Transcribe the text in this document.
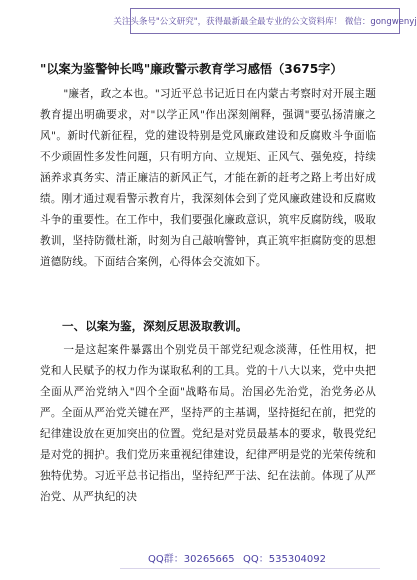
关注头条号"公文研究"，获得最新最全最专业的公文资料库！ 微信：gongwenyj
"以案为鉴警钟长鸣"廉政警示教育学习感悟（3675字）
"廉者，政之本也。"习近平总书记近日在内蒙古考察时对开展主题教育提出明确要求，对"以学正风"作出深刻阐释，强调"要弘扬清廉之风"。新时代新征程，党的建设特别是党风廉政建设和反腐败斗争面临不少顽固性多发性问题，只有明方向、立规矩、正风气、强免疫，持续涵养求真务实、清正廉洁的新风正气，才能在新的赶考之路上考出好成绩。刚才通过观看警示教育片，我深刻体会到了党风廉政建设和反腐败斗争的重要性。在工作中，我们要强化廉政意识，筑牢反腐防线，吸取教训，坚持防微杜渐，时刻为自己敲响警钟，真正筑牢拒腐防变的思想道德防线。下面结合案例，心得体会交流如下。
一、以案为鉴，深刻反思汲取教训。
一是这起案件暴露出个别党员干部党纪观念淡薄，任性用权，把党和人民赋予的权力作为谋取私利的工具。党的十八大以来，党中央把全面从严治党纳入"四个全面"战略布局。治国必先治党，治党务必从严。全面从严治党关键在严，坚持严的主基调，坚持挺纪在前，把党的纪律建设放在更加突出的位置。党纪是对党员最基本的要求，敬畏党纪是对党的拥护。我们党历来重视纪律建设，纪律严明是党的光荣传统和独特优势。习近平总书记指出，坚持纪严于法、纪在法前。体现了从严治党、从严执纪的决
QQ群：30265665 QQ：535304092
